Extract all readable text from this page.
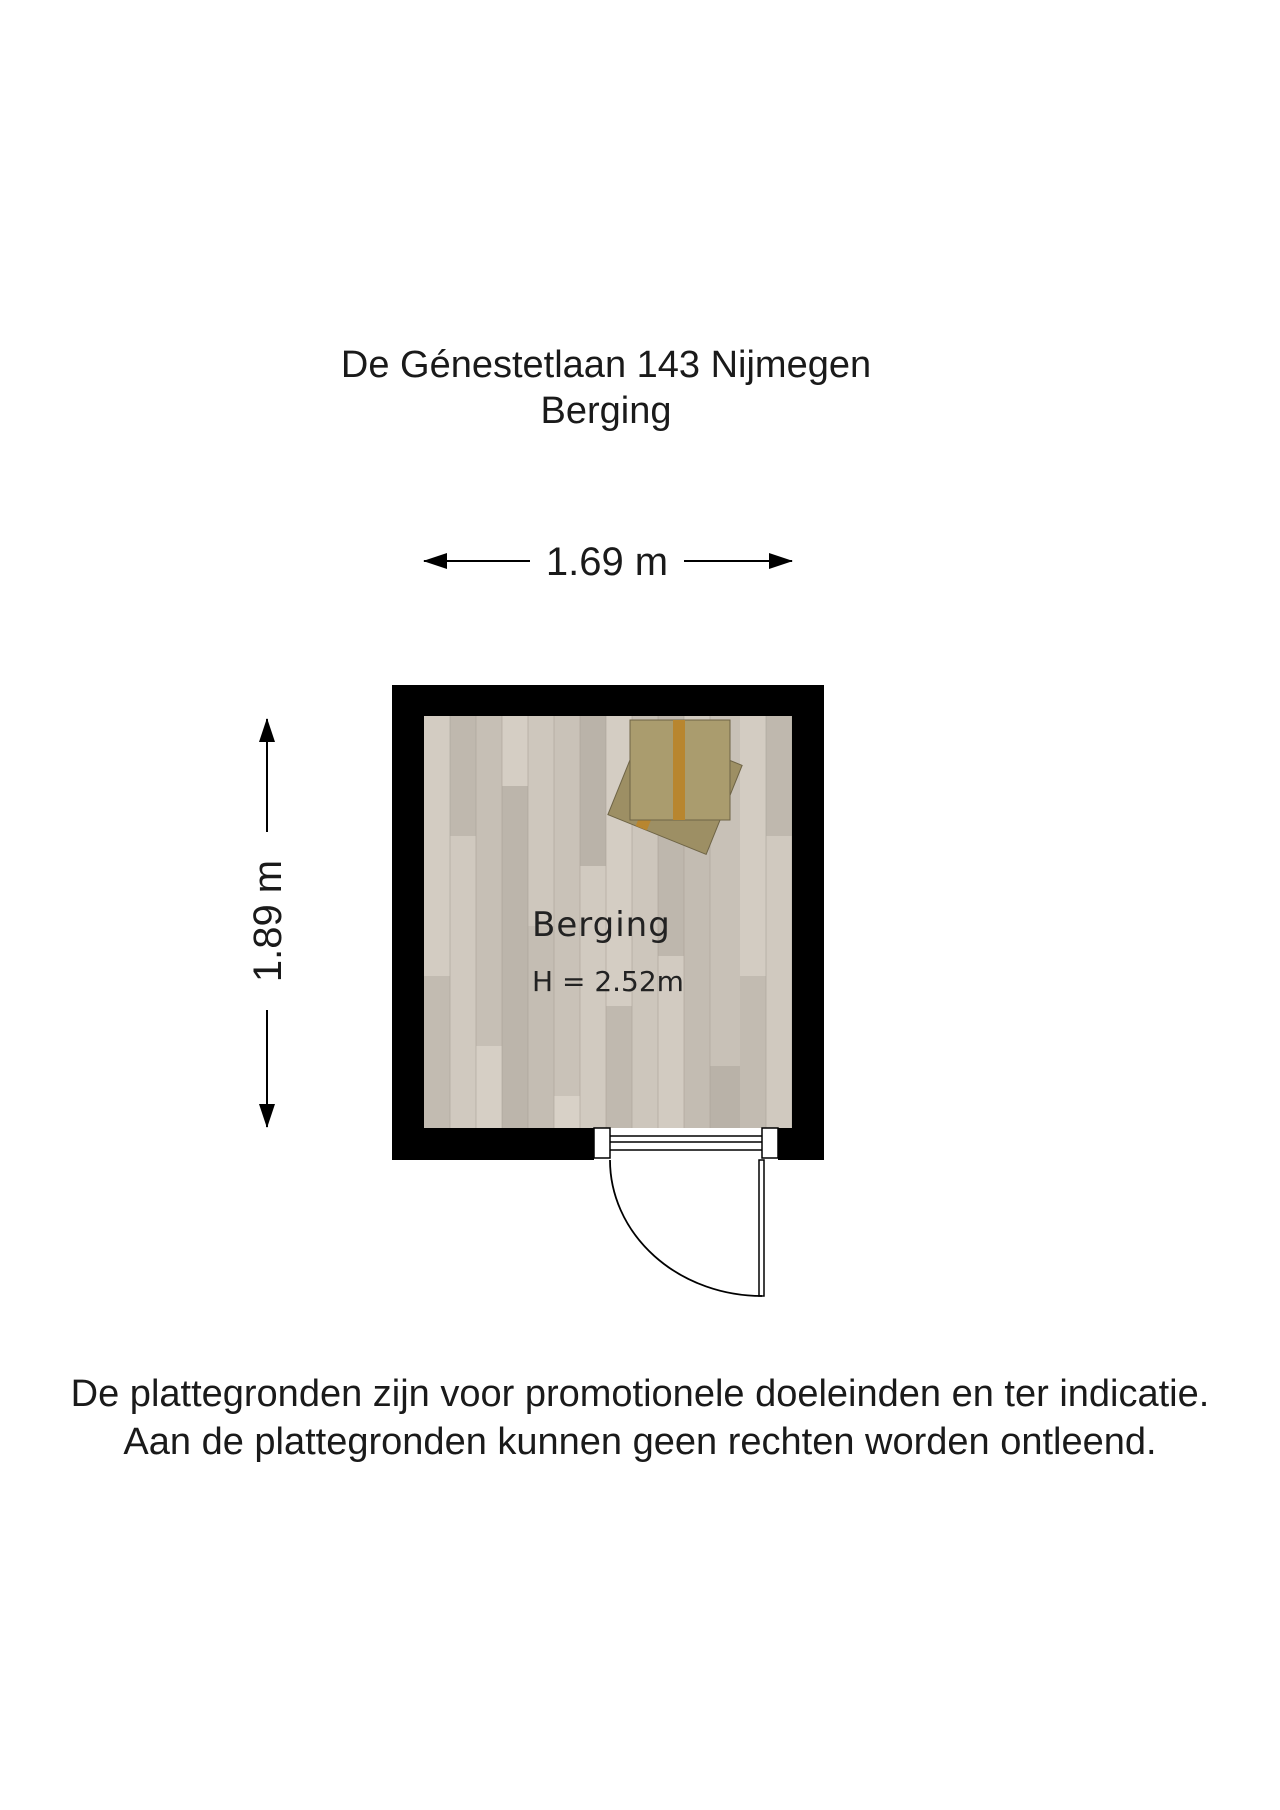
De Génestetlaan 143 Nijmegen
Berging
1.69 m
1.89 m	Berging
H = 2.52m
De plattegronden zijn voor promotionele doeleinden en ter indicatie.
Aan de plattegronden kunnen geen rechten worden ontleend.
